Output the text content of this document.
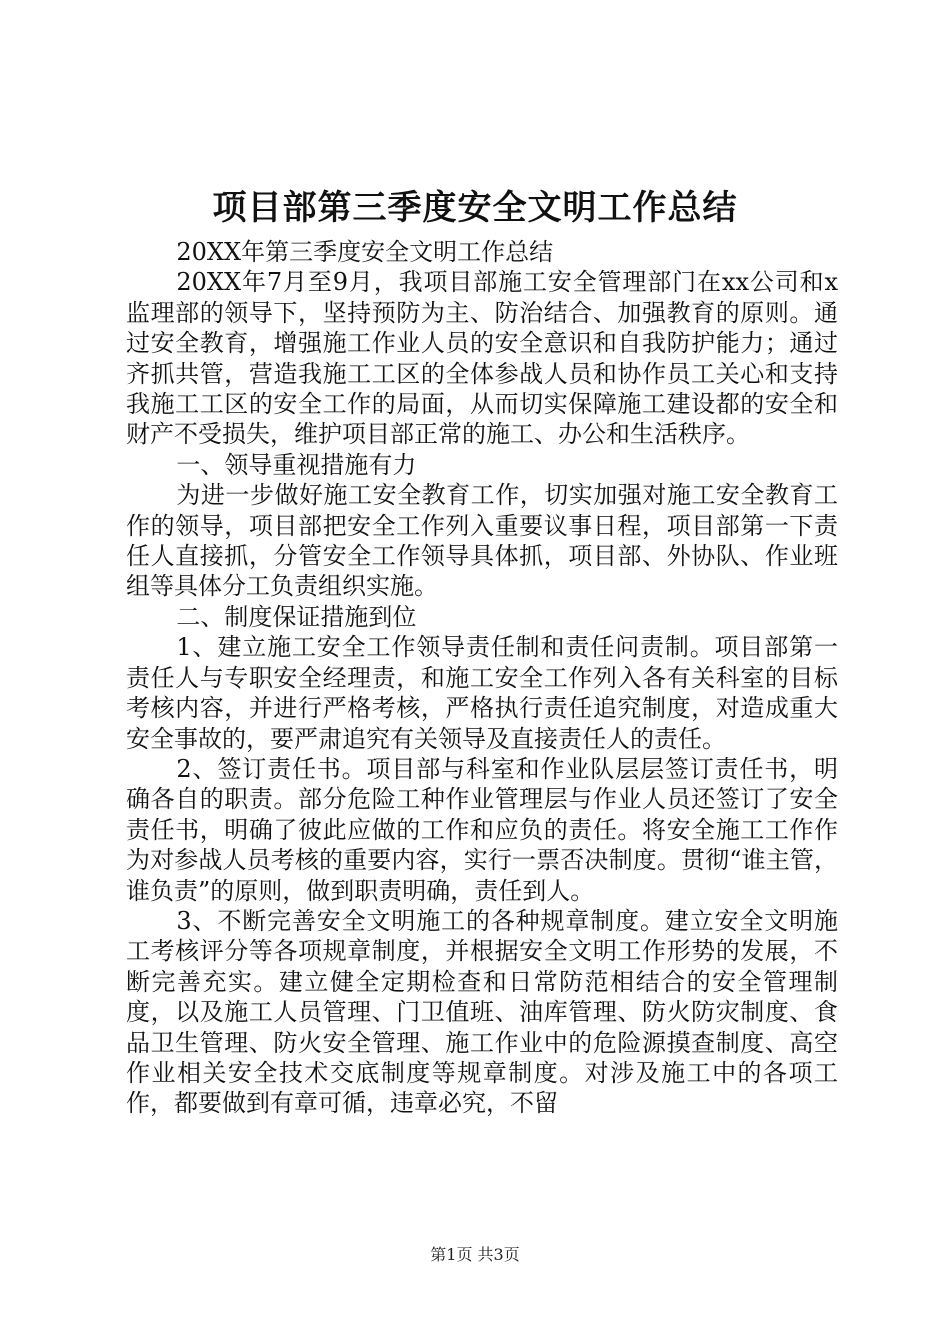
项目部第三季度安全文明工作总结

20XX年第三季度安全文明工作总结

20XX年7月至9月，我项目部施工安全管理部门在xx公司和x监理部的领导下，坚持预防为主、防治结合、加强教育的原则。通过安全教育，增强施工作业人员的安全意识和自我防护能力；通过齐抓共管，营造我施工工区的全体参战人员和协作员工关心和支持我施工工区的安全工作的局面，从而切实保障施工建设都的安全和财产不受损失，维护项目部正常的施工、办公和生活秩序。

一、领导重视措施有力

为进一步做好施工安全教育工作，切实加强对施工安全教育工作的领导，项目部把安全工作列入重要议事日程，项目部第一下责任人直接抓，分管安全工作领导具体抓，项目部、外协队、作业班组等具体分工负责组织实施。

二、制度保证措施到位

1、建立施工安全工作领导责任制和责任问责制。项目部第一责任人与专职安全经理责，和施工安全工作列入各有关科室的目标考核内容，并进行严格考核，严格执行责任追究制度，对造成重大安全事故的，要严肃追究有关领导及直接责任人的责任。

2、签订责任书。项目部与科室和作业队层层签订责任书，明确各自的职责。部分危险工种作业管理层与作业人员还签订了安全责任书，明确了彼此应做的工作和应负的责任。将安全施工工作作为对参战人员考核的重要内容，实行一票否决制度。贯彻“谁主管，谁负责”的原则，做到职责明确，责任到人。

3、不断完善安全文明施工的各种规章制度。建立安全文明施工考核评分等各项规章制度，并根据安全文明工作形势的发展，不断完善充实。建立健全定期检查和日常防范相结合的安全管理制度，以及施工人员管理、门卫值班、油库管理、防火防灾制度、食品卫生管理、防火安全管理、施工作业中的危险源摸查制度、高空作业相关安全技术交底制度等规章制度。对涉及施工中的各项工作，都要做到有章可循，违章必究，不留

第1页 共3页
